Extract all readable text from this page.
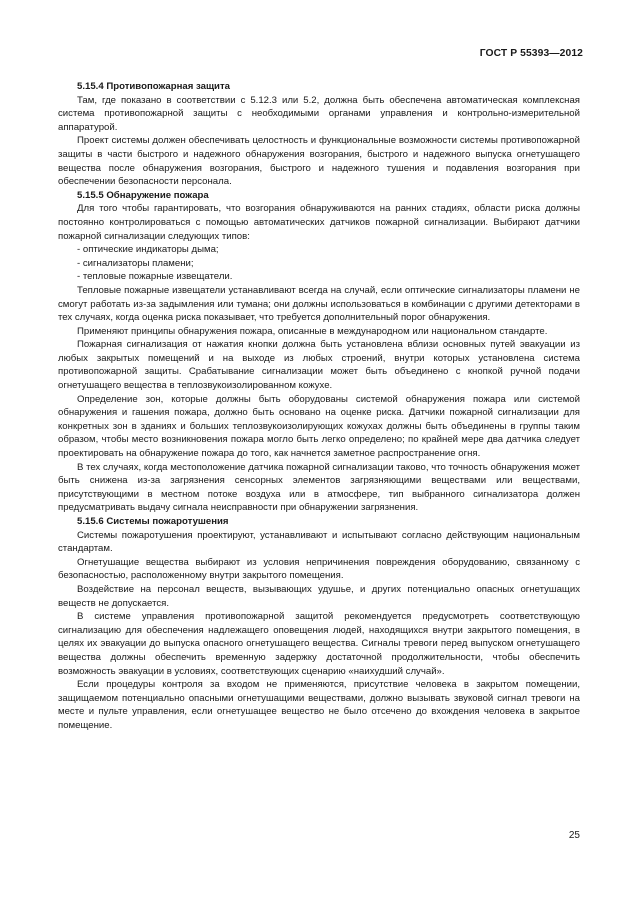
ГОСТ Р 55393—2012
5.15.4 Противопожарная защита

Там, где показано в соответствии с 5.12.3 или 5.2, должна быть обеспечена автоматическая комплексная система противопожарной защиты с необходимыми органами управления и контрольно-измерительной аппаратурой.

Проект системы должен обеспечивать целостность и функциональные возможности системы противопожарной защиты в части быстрого и надежного обнаружения возгорания, быстрого и надежного выпуска огнетушащего вещества после обнаружения возгорания, быстрого и надежного тушения и подавления возгорания при обеспечении безопасности персонала.

5.15.5 Обнаружение пожара

Для того чтобы гарантировать, что возгорания обнаруживаются на ранних стадиях, области риска должны постоянно контролироваться с помощью автоматических датчиков пожарной сигнализации. Выбирают датчики пожарной сигнализации следующих типов:

- оптические индикаторы дыма;
- сигнализаторы пламени;
- тепловые пожарные извещатели.

Тепловые пожарные извещатели устанавливают всегда на случай, если оптические сигнализаторы пламени не смогут работать из-за задымления или тумана; они должны использоваться в комбинации с другими детекторами в тех случаях, когда оценка риска показывает, что требуется дополнительный порог обнаружения.

Применяют принципы обнаружения пожара, описанные в международном или национальном стандарте.

Пожарная сигнализация от нажатия кнопки должна быть установлена вблизи основных путей эвакуации из любых закрытых помещений и на выходе из любых строений, внутри которых установлена система противопожарной защиты. Срабатывание сигнализации может быть объединено с кнопкой ручной подачи огнетушащего вещества в теплозвукоизолированном кожухе.

Определение зон, которые должны быть оборудованы системой обнаружения пожара или системой обнаружения и гашения пожара, должно быть основано на оценке риска. Датчики пожарной сигнализации для конкретных зон в зданиях и больших теплозвукоизолирующих кожухах должны быть объединены в группы таким образом, чтобы место возникновения пожара могло быть легко определено; по крайней мере два датчика следует проектировать на обнаружение пожара до того, как начнется заметное распространение огня.

В тех случаях, когда местоположение датчика пожарной сигнализации таково, что точность обнаружения может быть снижена из-за загрязнения сенсорных элементов загрязняющими веществами или веществами, присутствующими в местном потоке воздуха или в атмосфере, тип выбранного сигнализатора должен предусматривать выдачу сигнала неисправности при обнаружении загрязнения.

5.15.6 Системы пожаротушения

Системы пожаротушения проектируют, устанавливают и испытывают согласно действующим национальным стандартам.

Огнетушащие вещества выбирают из условия непричинения повреждения оборудованию, связанному с безопасностью, расположенному внутри закрытого помещения.

Воздействие на персонал веществ, вызывающих удушье, и других потенциально опасных огнетушащих веществ не допускается.

В системе управления противопожарной защитой рекомендуется предусмотреть соответствующую сигнализацию для обеспечения надлежащего оповещения людей, находящихся внутри закрытого помещения, в целях их эвакуации до выпуска опасного огнетушащего вещества. Сигналы тревоги перед выпуском огнетушащего вещества должны обеспечить временную задержку достаточной продолжительности, чтобы обеспечить возможность эвакуации в условиях, соответствующих сценарию «наихудший случай».

Если процедуры контроля за входом не применяются, присутствие человека в закрытом помещении, защищаемом потенциально опасными огнетушащими веществами, должно вызывать звуковой сигнал тревоги на месте и пульте управления, если огнетушащее вещество не было отсечено до вхождения человека в закрытое помещение.

25
